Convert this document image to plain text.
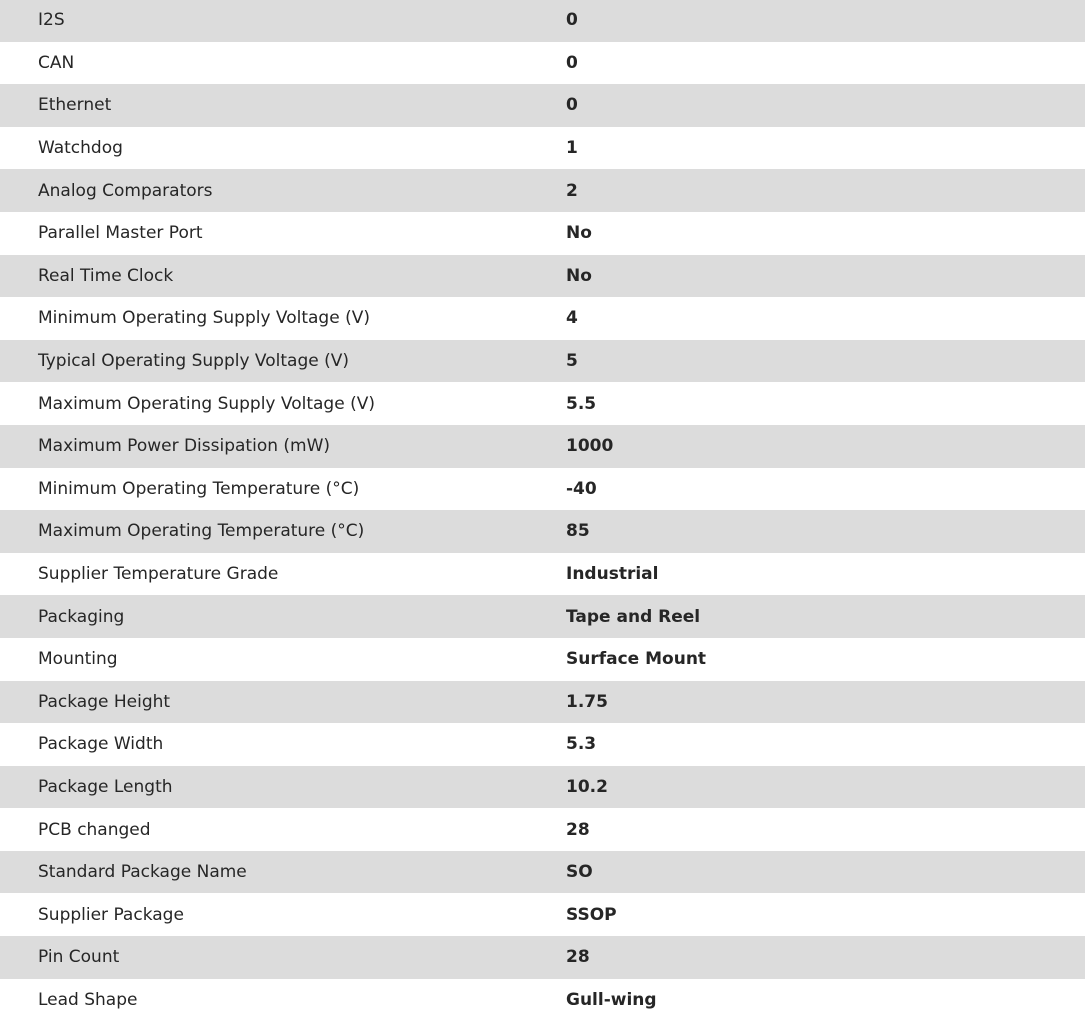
I2S	0
CAN	0
Ethernet	0
Watchdog	1
Analog Comparators	2
Parallel Master Port	No
Real Time Clock	No
Minimum Operating Supply Voltage (V)	4
Typical Operating Supply Voltage (V)	5
Maximum Operating Supply Voltage (V)	5.5
Maximum Power Dissipation (mW)	1000
Minimum Operating Temperature (°C)	-40
Maximum Operating Temperature (°C)	85
Supplier Temperature Grade	Industrial
Packaging	Tape and Reel
Mounting	Surface Mount
Package Height	1.75
Package Width	5.3
Package Length	10.2
PCB changed	28
Standard Package Name	SO
Supplier Package	SSOP
Pin Count	28
Lead Shape	Gull-wing
